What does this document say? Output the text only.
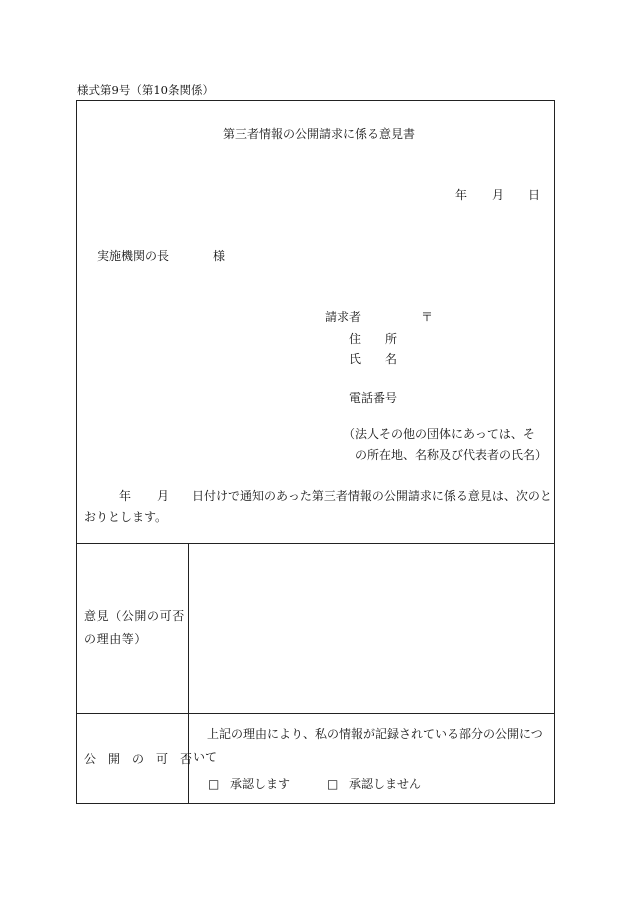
様式第9号（第10条関係）
第三者情報の公開請求に係る意見書
年 月 日
実施機関の長	様
請求者	〒
住　　所
氏　　名
電話番号
（法人その他の団体にあっては、そ
の所在地、名称及び代表者の氏名）
年 月 日付けで通知のあった第三者情報の公開請求に係る意見は、次のと
おりとします。
意見（公開の可否
の理由等）
公　開　の　可　否
上記の理由により、私の情報が記録されている部分の公開につ
いて
□ 承認します	□ 承認しません
